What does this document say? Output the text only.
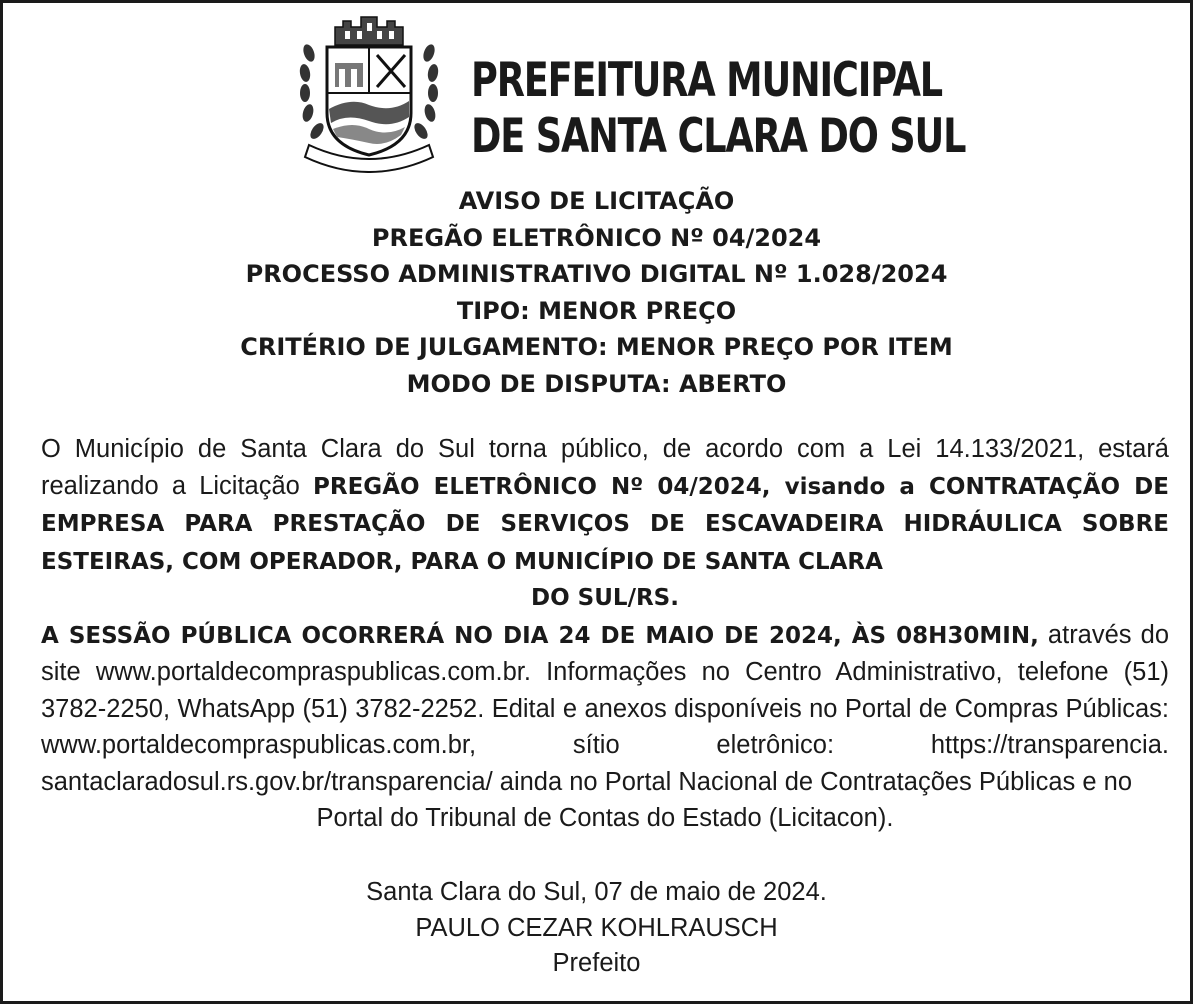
PREFEITURA MUNICIPAL
DE SANTA CLARA DO SUL
AVISO DE LICITAÇÃO
PREGÃO ELETRÔNICO Nº 04/2024
PROCESSO ADMINISTRATIVO DIGITAL Nº 1.028/2024
TIPO: MENOR PREÇO
CRITÉRIO DE JULGAMENTO: MENOR PREÇO POR ITEM
MODO DE DISPUTA: ABERTO
O Município de Santa Clara do Sul torna público, de acordo com a Lei 14.133/2021, estará realizando a Licitação PREGÃO ELETRÔNICO Nº 04/2024, visando a CONTRATAÇÃO DE EMPRESA PARA PRESTAÇÃO DE SERVIÇOS DE ESCAVADEIRA HIDRÁULICA SOBRE ESTEIRAS, COM OPERADOR, PARA O MUNICÍPIO DE SANTA CLARA
DO SUL/RS.
A SESSÃO PÚBLICA OCORRERÁ NO DIA 24 DE MAIO DE 2024, ÀS 08H30MIN, através do site www.portaldecompraspublicas.com.br. Informações no Centro Administrativo, telefone (51) 3782-2250, WhatsApp (51) 3782-2252. Edital e anexos disponíveis no Portal de Compras Públicas: www.portaldecompraspublicas.com.br, sítio eletrônico: https://transparencia. santaclaradosul.rs.gov.br/transparencia/ ainda no Portal Nacional de Contratações Públicas e no
Portal do Tribunal de Contas do Estado (Licitacon).
Santa Clara do Sul, 07 de maio de 2024.
PAULO CEZAR KOHLRAUSCH
Prefeito
